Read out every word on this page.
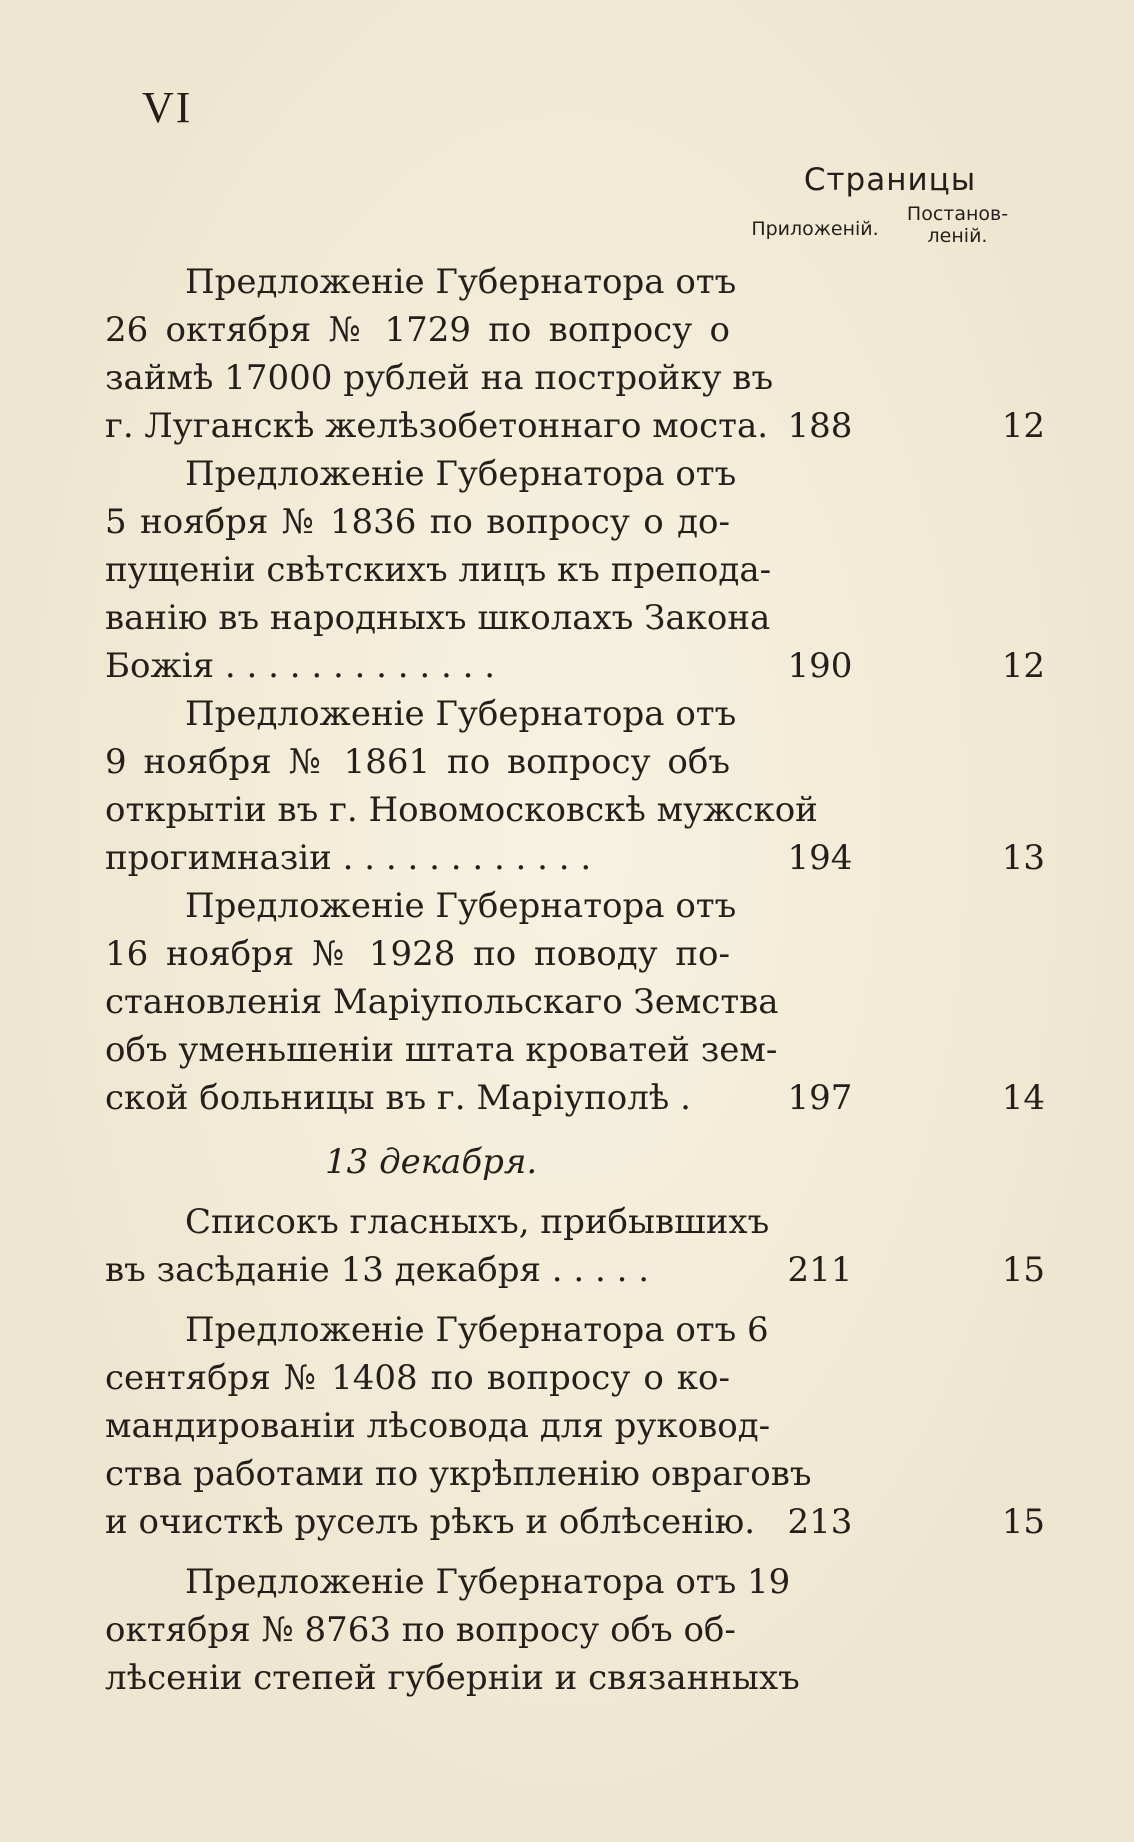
VI
Страницы
Приложеній.
Постанов-
леній.
Предложеніе Губернатора отъ
26 октября № 1729 по вопросу о
займѣ 17000 рублей на постройку въ
г. Луганскѣ желѣзобетоннаго моста. 188	12
Предложеніе Губернатора отъ
5 ноября № 1836 по вопросу о до-
пущеніи свѣтскихъ лицъ къ препода-
ванію въ народныхъ школахъ Закона
Божія . . . . . . . . . . . . .	190	12
Предложеніе Губернатора отъ
9 ноября № 1861 по вопросу объ
открытіи въ г. Новомосковскѣ мужской
прогимназіи . . . . . . . . . . . .	194	13
Предложеніе Губернатора отъ
16 ноября № 1928 по поводу по-
становленія Маріупольскаго Земства
объ уменьшеніи штата кроватей зем-
ской больницы въ г. Маріуполѣ .	197	14
13 декабря.
Списокъ гласныхъ, прибывшихъ
въ засѣданіе 13 декабря . . . . .	211	15
Предложеніе Губернатора отъ 6
сентября № 1408 по вопросу о ко-
мандированіи лѣсовода для руковод-
ства работами по укрѣпленію овраговъ
и очисткѣ руселъ рѣкъ и облѣсенію. 213	15
Предложеніе Губернатора отъ 19
октября № 8763 по вопросу объ об-
лѣсеніи степей губерніи и связанныхъ
